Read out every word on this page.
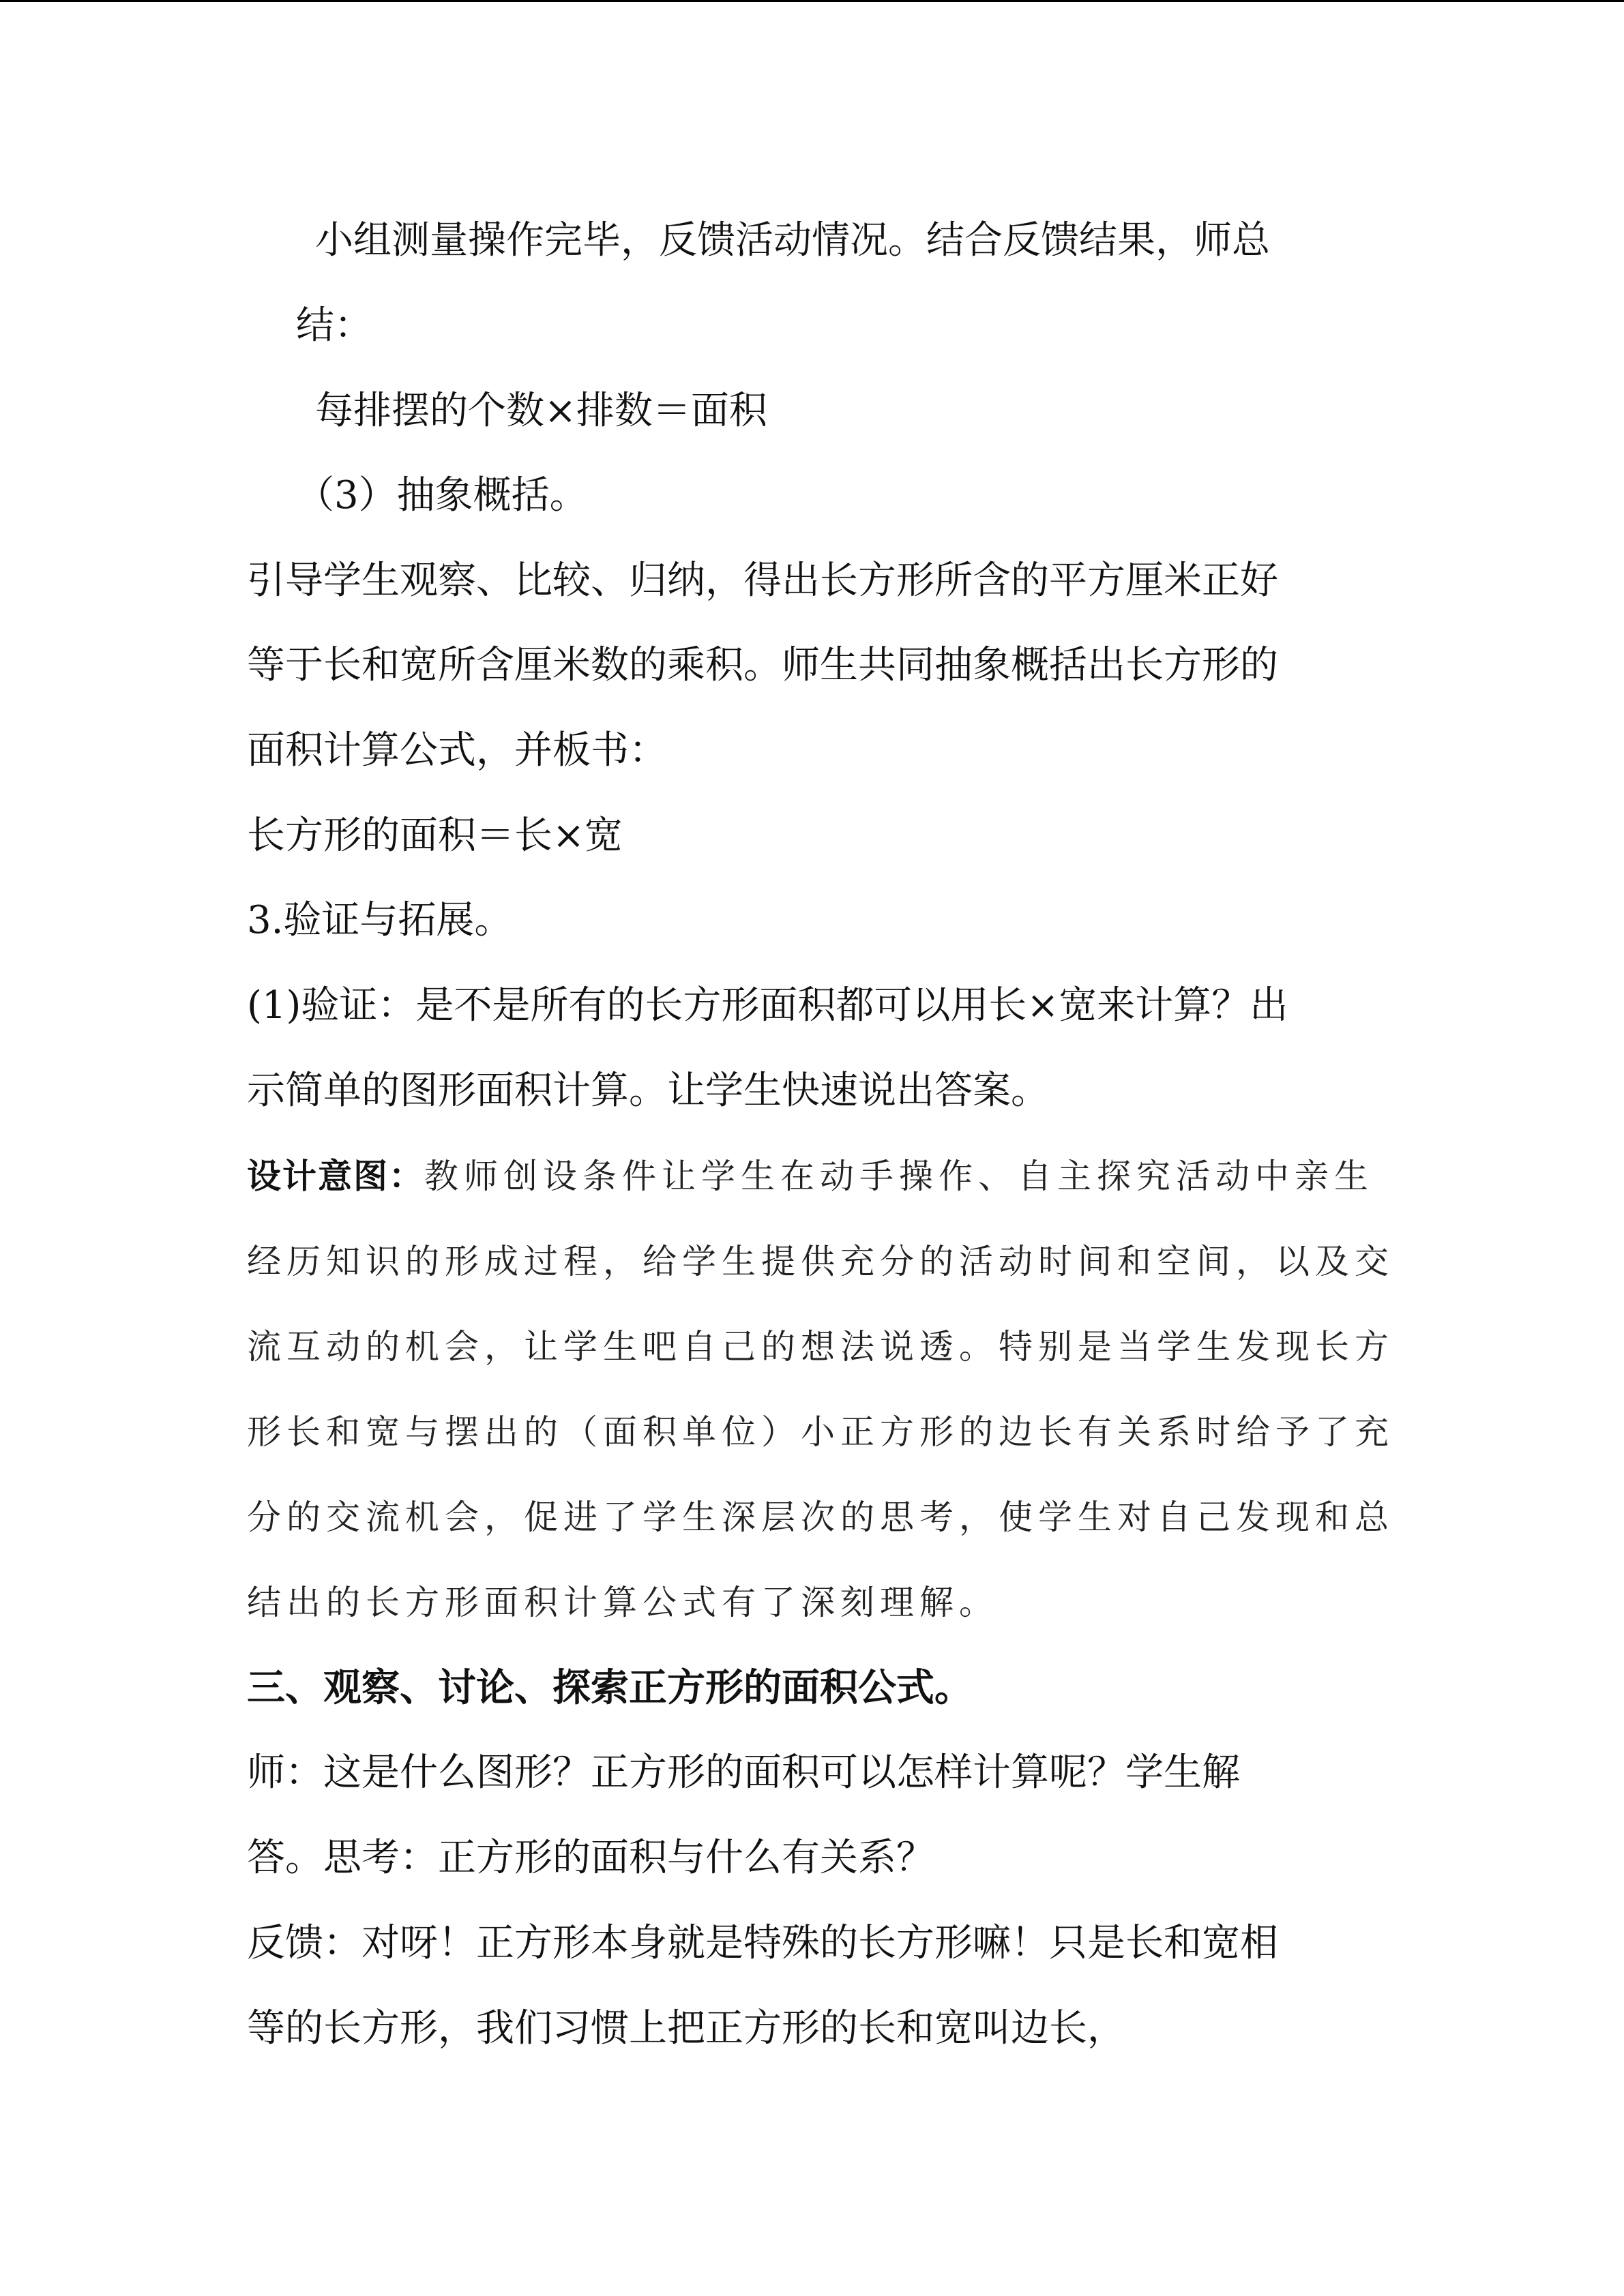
小组测量操作完毕，反馈活动情况。结合反馈结果，师总
结：
每排摆的个数×排数＝面积
（3）抽象概括。
引导学生观察、比较、归纳，得出长方形所含的平方厘米正好
等于长和宽所含厘米数的乘积。师生共同抽象概括出长方形的
面积计算公式，并板书：
长方形的面积＝长×宽
3.验证与拓展。
(1)验证：是不是所有的长方形面积都可以用长×宽来计算？出
示简单的图形面积计算。让学生快速说出答案。
设计意图：教师创设条件让学生在动手操作、自主探究活动中亲生
经历知识的形成过程，给学生提供充分的活动时间和空间，以及交
流互动的机会，让学生吧自己的想法说透。特别是当学生发现长方
形长和宽与摆出的（面积单位）小正方形的边长有关系时给予了充
分的交流机会，促进了学生深层次的思考，使学生对自己发现和总
结出的长方形面积计算公式有了深刻理解。
三、观察、讨论、探索正方形的面积公式。
师：这是什么图形？正方形的面积可以怎样计算呢？学生解
答。思考：正方形的面积与什么有关系？
反馈：对呀！正方形本身就是特殊的长方形嘛！只是长和宽相
等的长方形，我们习惯上把正方形的长和宽叫边长，
